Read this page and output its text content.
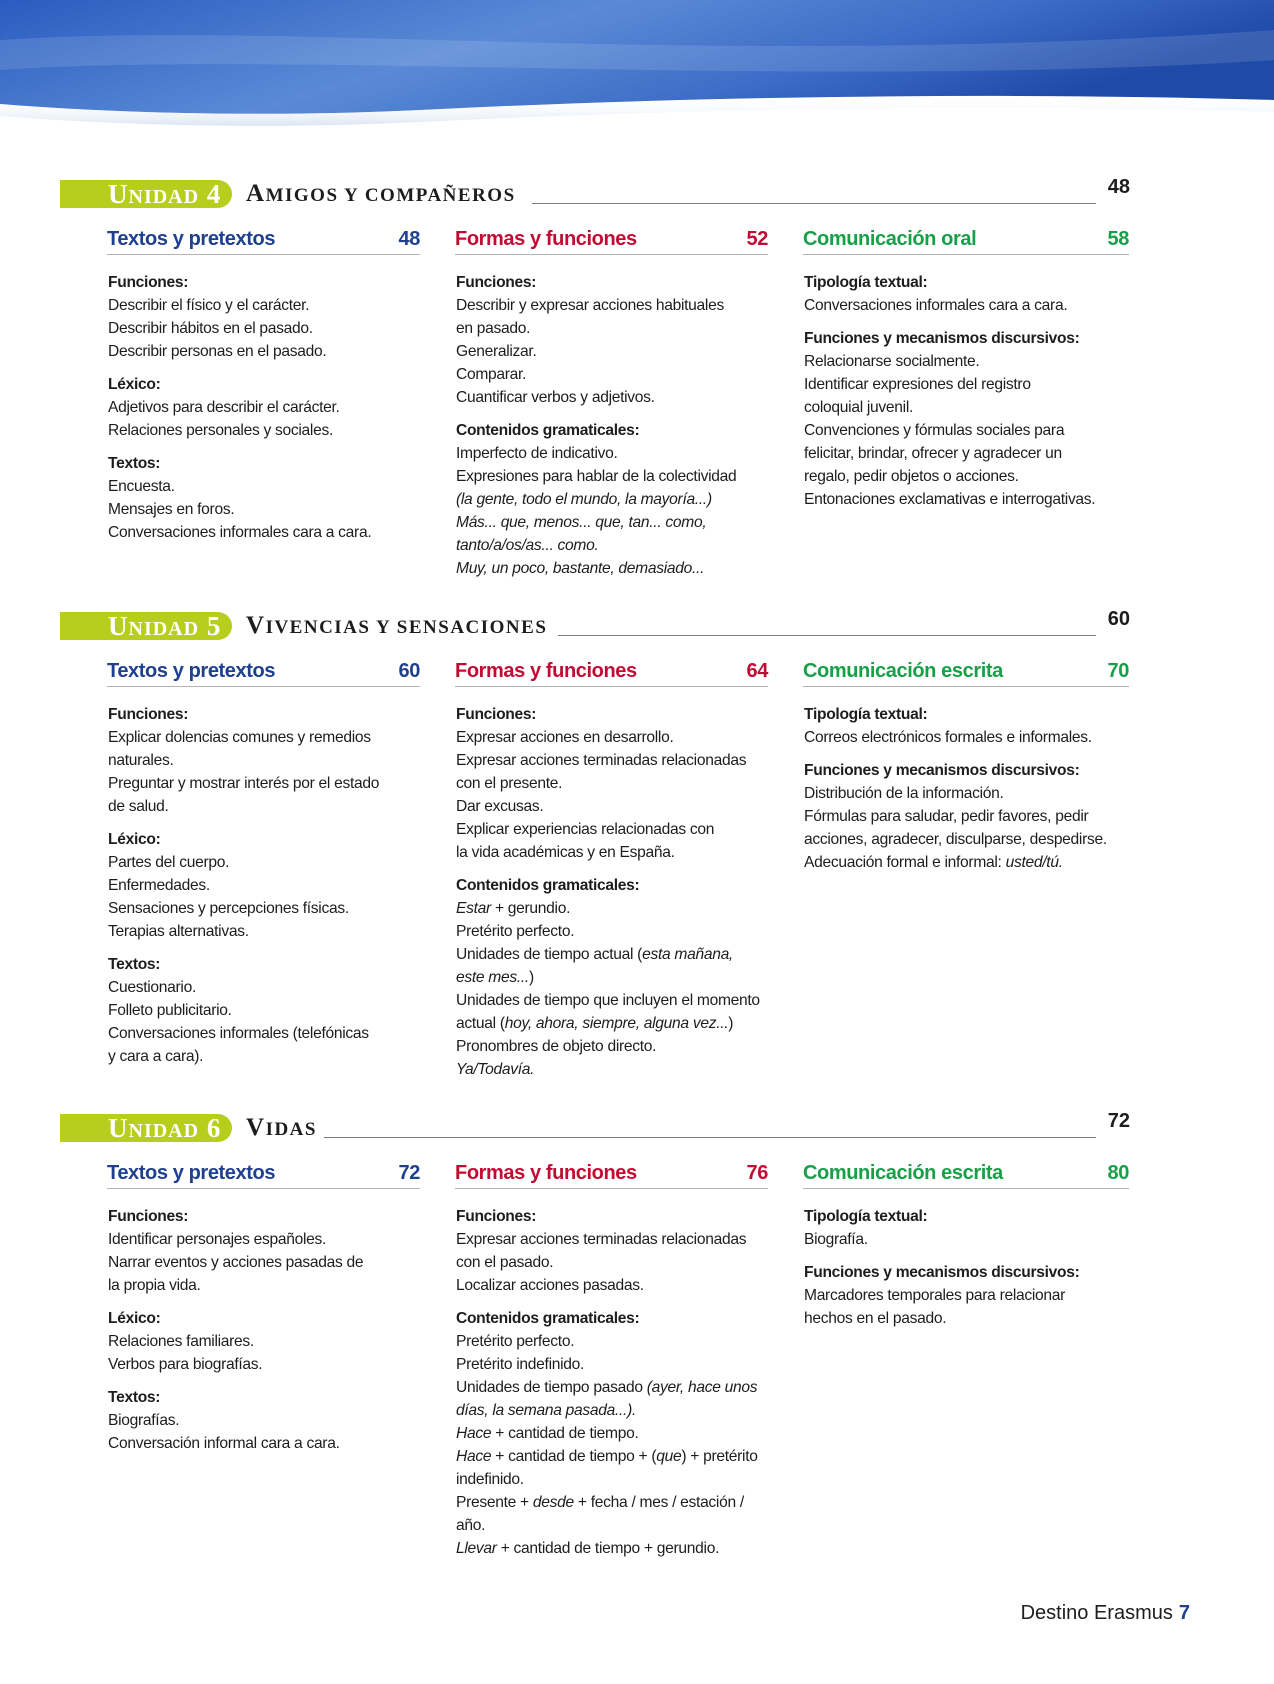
UNIDAD 4 AMIGOS Y COMPAÑEROS	48
Textos y pretextos	48
Funciones:
Describir el físico y el carácter.
Describir hábitos en el pasado.
Describir personas en el pasado.
Léxico:
Adjetivos para describir el carácter.
Relaciones personales y sociales.
Textos:
Encuesta.
Mensajes en foros.
Conversaciones informales cara a cara.
Formas y funciones	52
Funciones:
Describir y expresar acciones habituales
en pasado.
Generalizar.
Comparar.
Cuantificar verbos y adjetivos.
Contenidos gramaticales:
Imperfecto de indicativo.
Expresiones para hablar de la colectividad
(la gente, todo el mundo, la mayoría...)
Más... que, menos... que, tan... como,
tanto/a/os/as... como.
Muy, un poco, bastante, demasiado...
Comunicación oral	58
Tipología textual:
Conversaciones informales cara a cara.
Funciones y mecanismos discursivos:
Relacionarse socialmente.
Identificar expresiones del registro
coloquial juvenil.
Convenciones y fórmulas sociales para
felicitar, brindar, ofrecer y agradecer un
regalo, pedir objetos o acciones.
Entonaciones exclamativas e interrogativas.
UNIDAD 5 VIVENCIAS Y SENSACIONES	60
Textos y pretextos	60
Funciones:
Explicar dolencias comunes y remedios
naturales.
Preguntar y mostrar interés por el estado
de salud.
Léxico:
Partes del cuerpo.
Enfermedades.
Sensaciones y percepciones físicas.
Terapias alternativas.
Textos:
Cuestionario.
Folleto publicitario.
Conversaciones informales (telefónicas
y cara a cara).
Formas y funciones	64
Funciones:
Expresar acciones en desarrollo.
Expresar acciones terminadas relacionadas
con el presente.
Dar excusas.
Explicar experiencias relacionadas con
la vida académicas y en España.
Contenidos gramaticales:
Estar + gerundio.
Pretérito perfecto.
Unidades de tiempo actual (esta mañana,
este mes...)
Unidades de tiempo que incluyen el momento
actual (hoy, ahora, siempre, alguna vez...)
Pronombres de objeto directo.
Ya/Todavía.
Comunicación escrita	70
Tipología textual:
Correos electrónicos formales e informales.
Funciones y mecanismos discursivos:
Distribución de la información.
Fórmulas para saludar, pedir favores, pedir
acciones, agradecer, disculparse, despedirse.
Adecuación formal e informal: usted/tú.
UNIDAD 6 VIDAS	72
Textos y pretextos	72
Funciones:
Identificar personajes españoles.
Narrar eventos y acciones pasadas de
la propia vida.
Léxico:
Relaciones familiares.
Verbos para biografías.
Textos:
Biografías.
Conversación informal cara a cara.
Formas y funciones	76
Funciones:
Expresar acciones terminadas relacionadas
con el pasado.
Localizar acciones pasadas.
Contenidos gramaticales:
Pretérito perfecto.
Pretérito indefinido.
Unidades de tiempo pasado (ayer, hace unos
días, la semana pasada...).
Hace + cantidad de tiempo.
Hace + cantidad de tiempo + (que) + pretérito
indefinido.
Presente + desde + fecha / mes / estación /
año.
Llevar + cantidad de tiempo + gerundio.
Comunicación escrita	80
Tipología textual:
Biografía.
Funciones y mecanismos discursivos:
Marcadores temporales para relacionar
hechos en el pasado.
Destino Erasmus 7
